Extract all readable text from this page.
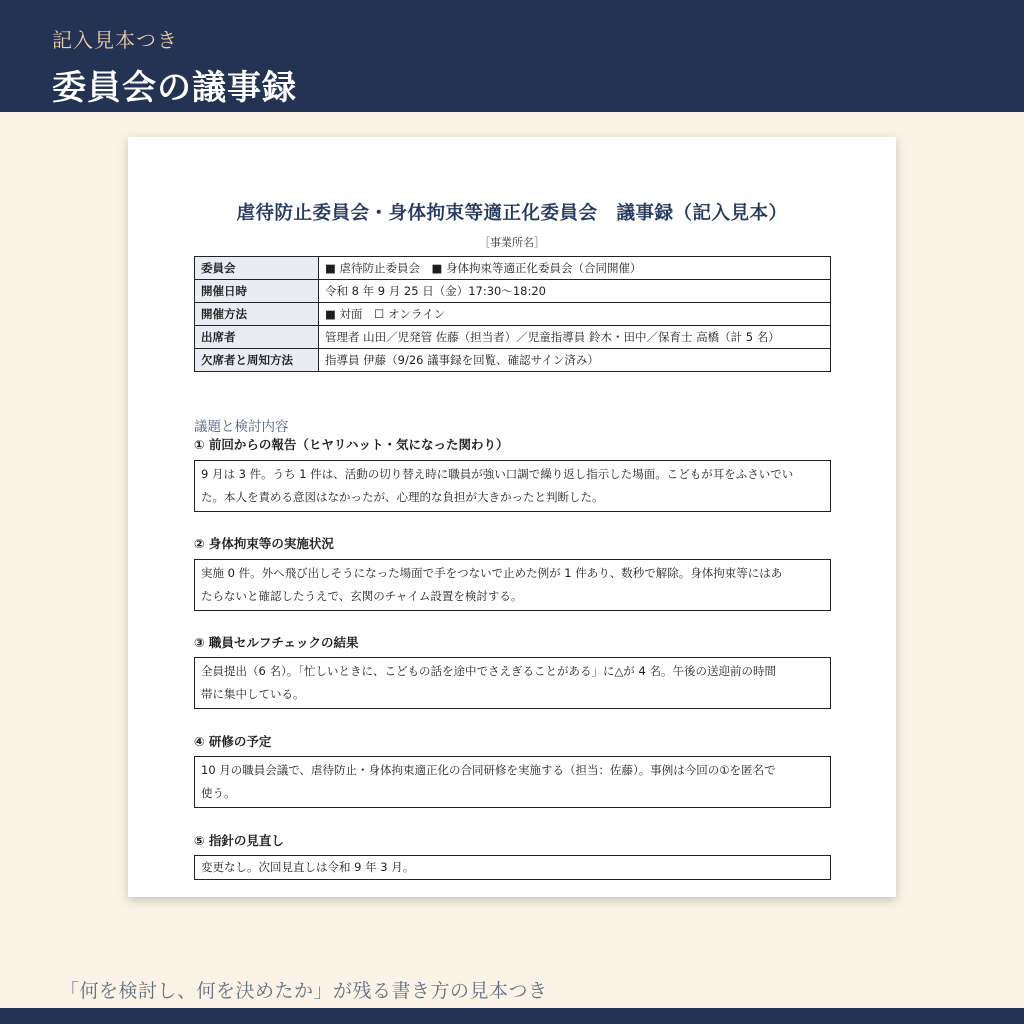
記入見本つき
委員会の議事録
虐待防止委員会・身体拘束等適正化委員会　議事録（記入見本）
［事業所名］
委員会	■ 虐待防止委員会　■ 身体拘束等適正化委員会（合同開催）
開催日時	令和 8 年 9 月 25 日（金）17:30〜18:20
開催方法	■ 対面　☐ オンライン
出席者	管理者 山田／児発管 佐藤（担当者）／児童指導員 鈴木・田中／保育士 高橋（計 5 名）
欠席者と周知方法	指導員 伊藤（9/26 議事録を回覧、確認サイン済み）
議題と検討内容
① 前回からの報告（ヒヤリハット・気になった関わり）
9 月は 3 件。うち 1 件は、活動の切り替え時に職員が強い口調で繰り返し指示した場面。こどもが耳をふさいでい
た。本人を責める意図はなかったが、心理的な負担が大きかったと判断した。
② 身体拘束等の実施状況
実施 0 件。外へ飛び出しそうになった場面で手をつないで止めた例が 1 件あり、数秒で解除。身体拘束等にはあ
たらないと確認したうえで、玄関のチャイム設置を検討する。
③ 職員セルフチェックの結果
全員提出（6 名）。「忙しいときに、こどもの話を途中でさえぎることがある」に△が 4 名。午後の送迎前の時間
帯に集中している。
④ 研修の予定
10 月の職員会議で、虐待防止・身体拘束適正化の合同研修を実施する（担当：佐藤）。事例は今回の①を匿名で
使う。
⑤ 指針の見直し
変更なし。次回見直しは令和 9 年 3 月。
「何を検討し、何を決めたか」が残る書き方の見本つき
